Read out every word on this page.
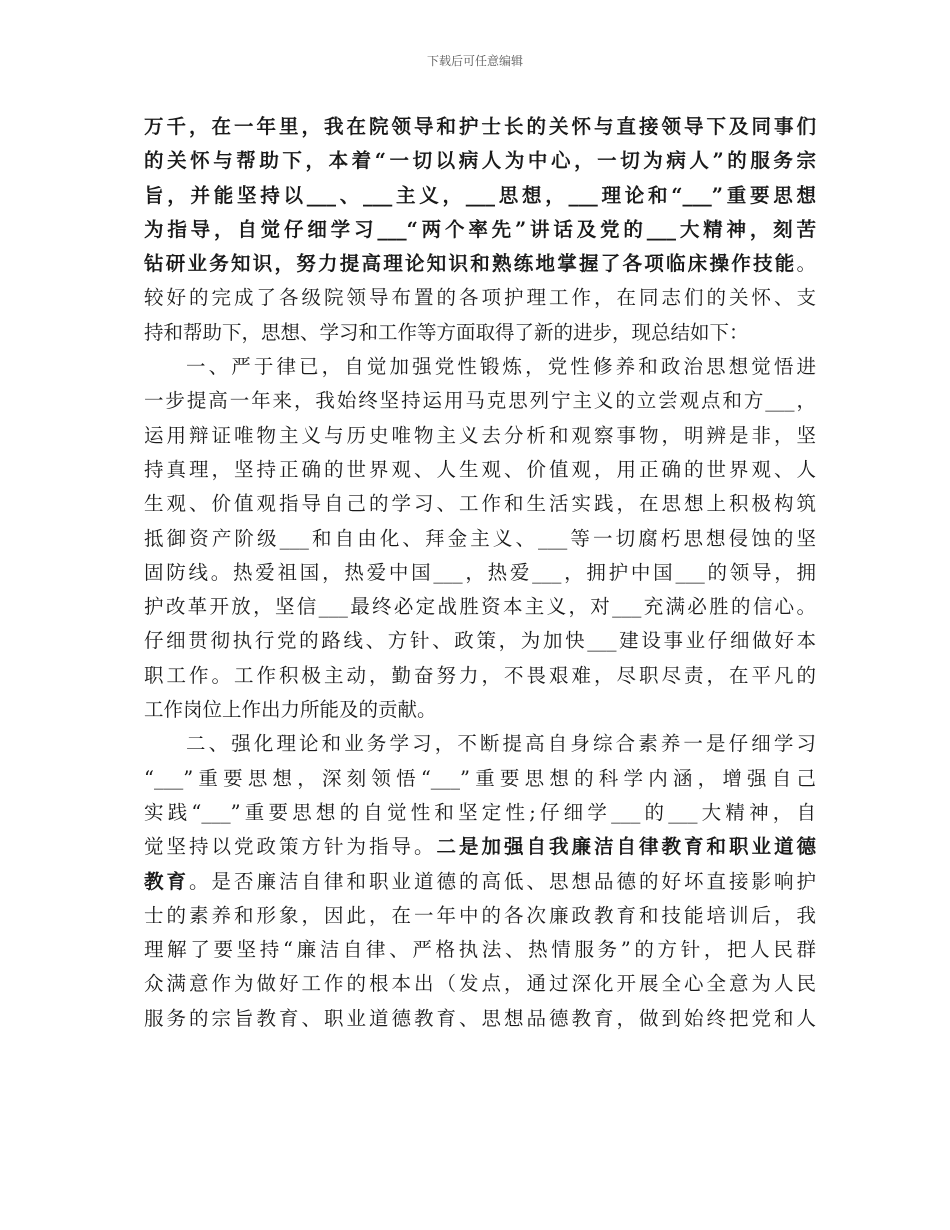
下载后可任意编辑
万千，在一年里，我在院领导和护士长的关怀与直接领导下及同事们
的关怀与帮助下，本着“一切以病人为中心，一切为病人”的服务宗
旨，并能坚持以___、___主义，___思想，___理论和“___”重要思想
为指导，自觉仔细学习___“两个率先”讲话及党的___大精神，刻苦
钻研业务知识，努力提高理论知识和熟练地掌握了各项临床操作技能。
较好的完成了各级院领导布置的各项护理工作，在同志们的关怀、支
持和帮助下，思想、学习和工作等方面取得了新的进步，现总结如下：
一、严于律已，自觉加强党性锻炼，党性修养和政治思想觉悟进
一步提高一年来，我始终坚持运用马克思列宁主义的立尝观点和方___，
运用辩证唯物主义与历史唯物主义去分析和观察事物，明辨是非，坚
持真理，坚持正确的世界观、人生观、价值观，用正确的世界观、人
生观、价值观指导自己的学习、工作和生活实践，在思想上积极构筑
抵御资产阶级___和自由化、拜金主义、___等一切腐朽思想侵蚀的坚
固防线。热爱祖国，热爱中国___，热爱___，拥护中国___的领导，拥
护改革开放，坚信___最终必定战胜资本主义，对___充满必胜的信心。
仔细贯彻执行党的路线、方针、政策，为加快___建设事业仔细做好本
职工作。工作积极主动，勤奋努力，不畏艰难，尽职尽责，在平凡的
工作岗位上作出力所能及的贡献。
二、强化理论和业务学习，不断提高自身综合素养一是仔细学习
“___”重要思想，深刻领悟“___”重要思想的科学内涵，增强自己
实践“___”重要思想的自觉性和坚定性;仔细学___的___大精神，自
觉坚持以党政策方针为指导。二是加强自我廉洁自律教育和职业道德
教育。是否廉洁自律和职业道德的高低、思想品德的好坏直接影响护
士的素养和形象，因此，在一年中的各次廉政教育和技能培训后，我
理解了要坚持“廉洁自律、严格执法、热情服务”的方针，把人民群
众满意作为做好工作的根本出（发点，通过深化开展全心全意为人民
服务的宗旨教育、职业道德教育、思想品德教育，做到始终把党和人
